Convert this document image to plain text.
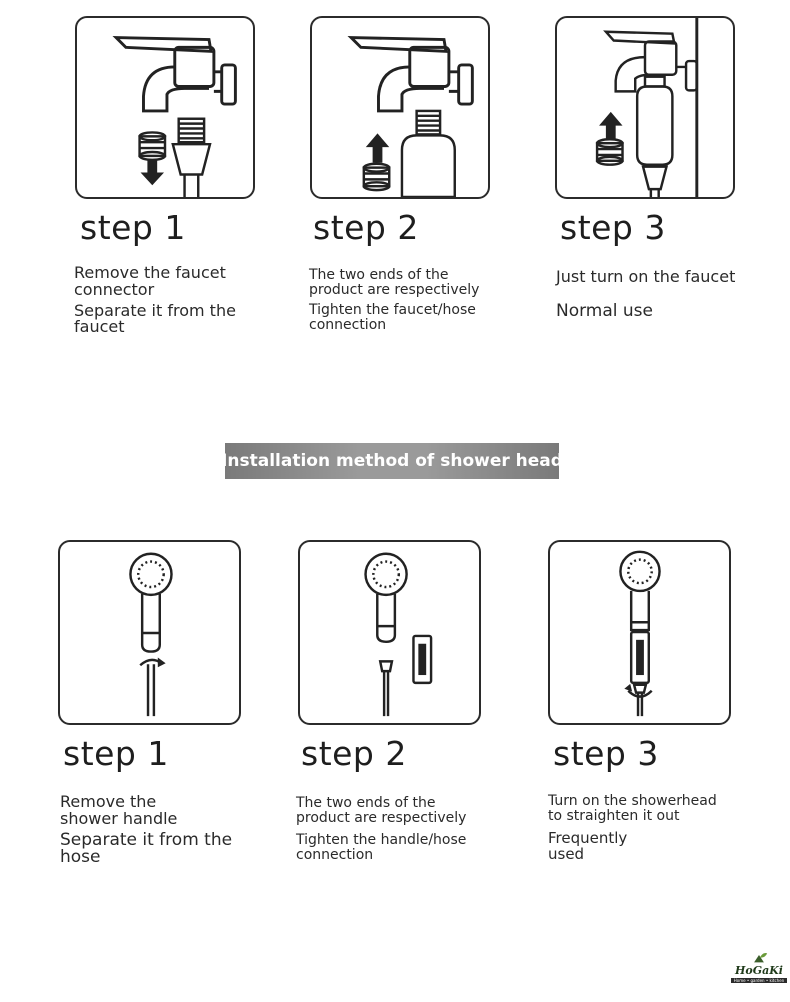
step 1
Remove the faucet
connector
Separate it from the
faucet
step 2
The two ends of the
product are respectively
Tighten the faucet/hose
connection
step 3
Just turn on the faucet
Normal use
Installation method of shower head
step 1
Remove the
shower handle
Separate it from the
hose
step 2
The two ends of the
product are respectively
Tighten the handle/hose
connection
step 3
Turn on the showerhead
to straighten it out
Frequently
used
HoGaKi
Home • garden • kitchen
